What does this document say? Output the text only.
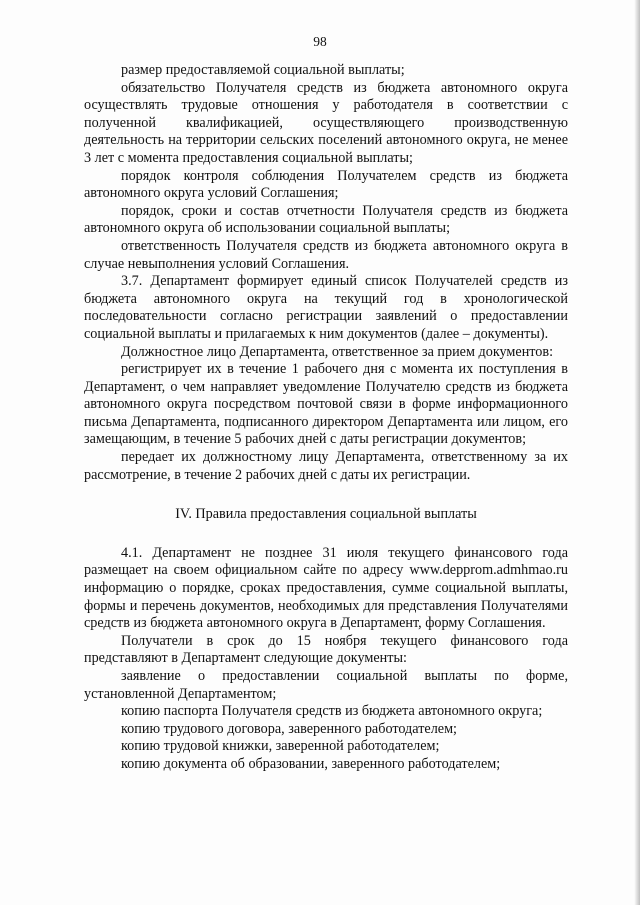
98

размер предоставляемой социальной выплаты;

обязательство Получателя средств из бюджета автономного округа осуществлять трудовые отношения у работодателя в соответствии с полученной квалификацией, осуществляющего производственную деятельность на территории сельских поселений автономного округа, не менее 3 лет с момента предоставления социальной выплаты;

порядок контроля соблюдения Получателем средств из бюджета автономного округа условий Соглашения;

порядок, сроки и состав отчетности Получателя средств из бюджета автономного округа об использовании социальной выплаты;

ответственность Получателя средств из бюджета автономного округа в случае невыполнения условий Соглашения.

3.7. Департамент формирует единый список Получателей средств из бюджета автономного округа на текущий год в хронологической последовательности согласно регистрации заявлений о предоставлении социальной выплаты и прилагаемых к ним документов (далее – документы).

Должностное лицо Департамента, ответственное за прием документов:

регистрирует их в течение 1 рабочего дня с момента их поступления в Департамент, о чем направляет уведомление Получателю средств из бюджета автономного округа посредством почтовой связи в форме информационного письма Департамента, подписанного директором Департамента или лицом, его замещающим, в течение 5 рабочих дней с даты регистрации документов;

передает их должностному лицу Департамента, ответственному за их рассмотрение, в течение 2 рабочих дней с даты их регистрации.

IV. Правила предоставления социальной выплаты

4.1. Департамент не позднее 31 июля текущего финансового года размещает на своем официальном сайте по адресу www.depprom.admhmao.ru информацию о порядке, сроках предоставления, сумме социальной выплаты, формы и перечень документов, необходимых для представления Получателями средств из бюджета автономного округа в Департамент, форму Соглашения.

Получатели в срок до 15 ноября текущего финансового года представляют в Департамент следующие документы:

заявление о предоставлении социальной выплаты по форме, установленной Департаментом;

копию паспорта Получателя средств из бюджета автономного округа;

копию трудового договора, заверенного работодателем;

копию трудовой книжки, заверенной работодателем;

копию документа об образовании, заверенного работодателем;
